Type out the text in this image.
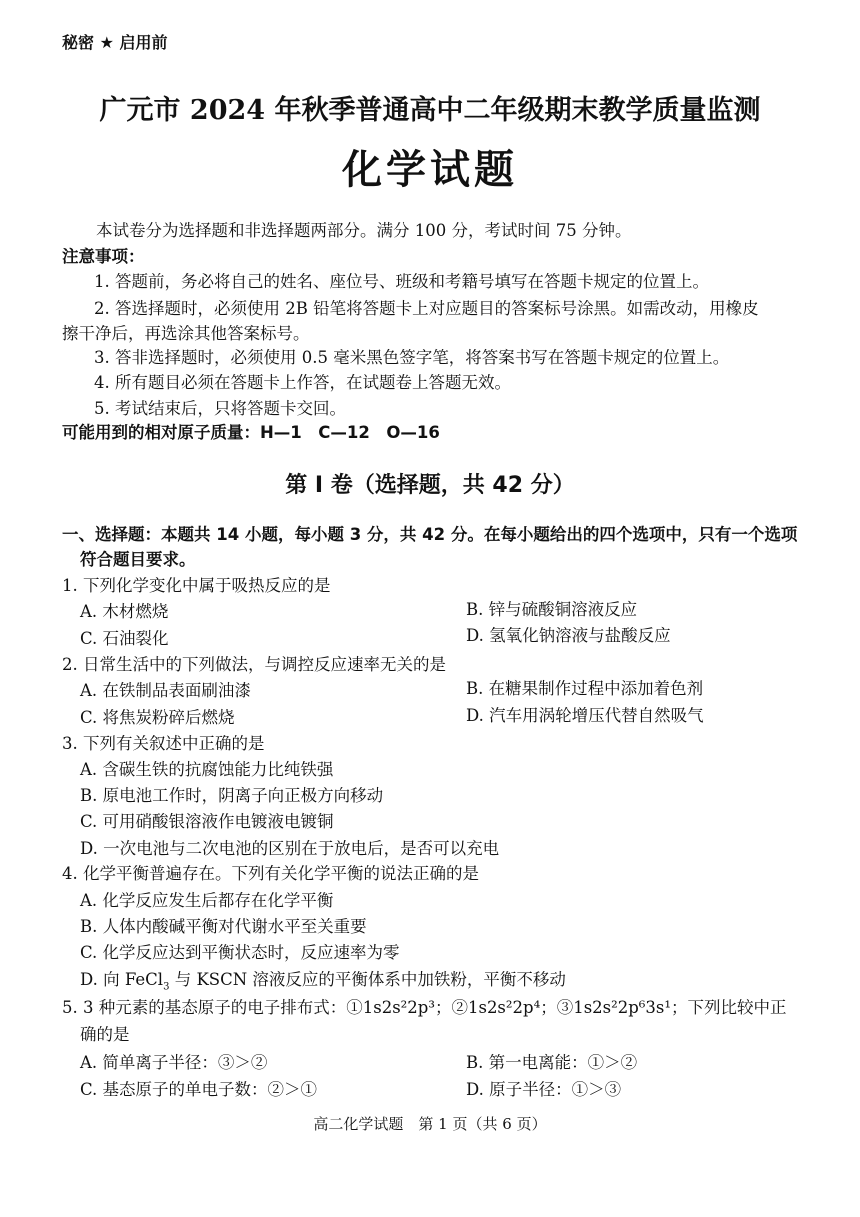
秘密 ★ 启用前
广元市 2024 年秋季普通高中二年级期末教学质量监测
化学试题
本试卷分为选择题和非选择题两部分。满分 100 分，考试时间 75 分钟。
注意事项：
1. 答题前，务必将自己的姓名、座位号、班级和考籍号填写在答题卡规定的位置上。
2. 答选择题时，必须使用 2B 铅笔将答题卡上对应题目的答案标号涂黑。如需改动，用橡皮
擦干净后，再选涂其他答案标号。
3. 答非选择题时，必须使用 0.5 毫米黑色签字笔，将答案书写在答题卡规定的位置上。
4. 所有题目必须在答题卡上作答，在试题卷上答题无效。
5. 考试结束后，只将答题卡交回。
可能用到的相对原子质量：H—1　C—12　O—16
第 Ⅰ 卷（选择题，共 42 分）
一、选择题：本题共 14 小题，每小题 3 分，共 42 分。在每小题给出的四个选项中，只有一个选项
符合题目要求。
1. 下列化学变化中属于吸热反应的是
A. 木材燃烧	B. 锌与硫酸铜溶液反应
C. 石油裂化	D. 氢氧化钠溶液与盐酸反应
2. 日常生活中的下列做法，与调控反应速率无关的是
A. 在铁制品表面刷油漆	B. 在糖果制作过程中添加着色剂
C. 将焦炭粉碎后燃烧	D. 汽车用涡轮增压代替自然吸气
3. 下列有关叙述中正确的是
A. 含碳生铁的抗腐蚀能力比纯铁强
B. 原电池工作时，阴离子向正极方向移动
C. 可用硝酸银溶液作电镀液电镀铜
D. 一次电池与二次电池的区别在于放电后，是否可以充电
4. 化学平衡普遍存在。下列有关化学平衡的说法正确的是
A. 化学反应发生后都存在化学平衡
B. 人体内酸碱平衡对代谢水平至关重要
C. 化学反应达到平衡状态时，反应速率为零
D. 向 FeCl$_3$ 与 KSCN 溶液反应的平衡体系中加铁粉，平衡不移动
5. 3 种元素的基态原子的电子排布式：①1s2s²2p³；②1s2s²2p⁴；③1s2s²2p⁶3s¹；下列比较中正
确的是
A. 简单离子半径：③＞②	B. 第一电离能：①＞②
C. 基态原子的单电子数：②＞①	D. 原子半径：①＞③
高二化学试题　第 1 页（共 6 页）
